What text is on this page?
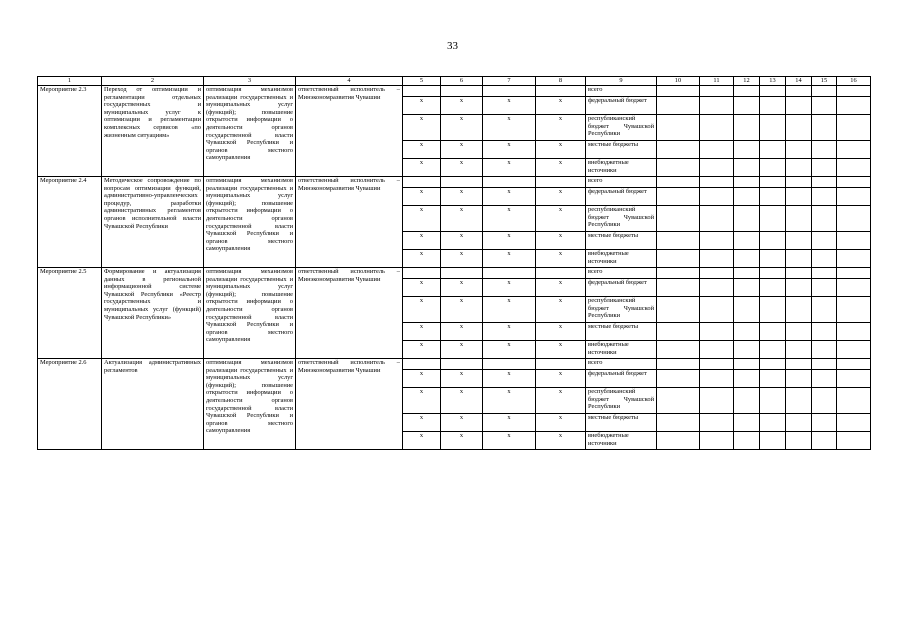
33
1	2	3	4	5	6	7	8	9	10	11	12	13	14	15	16
Мероприятие 2.3	Переход от оптимизации и регламентации отдельных государственных и муниципальных услуг к оптимизации и регламентации комплексных сервисов «по жизненным ситуациям»	оптимизация механизмов реализации государственных и муниципальных услуг (функций); повышение открытости информации о деятельности органов государственной власти Чувашской Республики и органов местного самоуправления	ответственный исполнитель – Минэкономразвития Чувашии					всего							
				x	x	x	x	федеральный бюджет							
				x	x	x	x	республиканский бюджет Чувашской Республики							
				x	x	x	x	местные бюджеты							
				x	x	x	x	внебюджетные источники							
Мероприятие 2.4	Методическое сопровождение по вопросам оптимизации функций, административно-управленческих процедур, разработки административных регламентов органов исполнительной власти Чувашской Республики	оптимизация механизмов реализации государственных и муниципальных услуг (функций); повышение открытости информации о деятельности органов государственной власти Чувашской Республики и органов местного самоуправления	ответственный исполнитель – Минэкономразвития Чувашии					всего							
				x	x	x	x	федеральный бюджет							
				x	x	x	x	республиканский бюджет Чувашской Республики							
				x	x	x	x	местные бюджеты							
				x	x	x	x	внебюджетные источники							
Мероприятие 2.5	Формирование и актуализация данных в региональной информационной системе Чувашской Республики «Реестр государственных и муниципальных услуг (функций) Чувашской Республики»	оптимизация механизмов реализации государственных и муниципальных услуг (функций); повышение открытости информации о деятельности органов государственной власти Чувашской Республики и органов местного самоуправления	ответственный исполнитель – Минэкономразвития Чувашии					всего							
				x	x	x	x	федеральный бюджет							
				x	x	x	x	республиканский бюджет Чувашской Республики							
				x	x	x	x	местные бюджеты							
				x	x	x	x	внебюджетные источники							
Мероприятие 2.6	Актуализация административных регламентов	оптимизация механизмов реализации государственных и муниципальных услуг (функций); повышение открытости информации о деятельности органов государственной власти Чувашской Республики и органов местного самоуправления	ответственный исполнитель – Минэкономразвития Чувашии					всего							
				x	x	x	x	федеральный бюджет							
				x	x	x	x	республиканский бюджет Чувашской Республики							
				x	x	x	x	местные бюджеты							
				x	x	x	x	внебюджетные источники							
